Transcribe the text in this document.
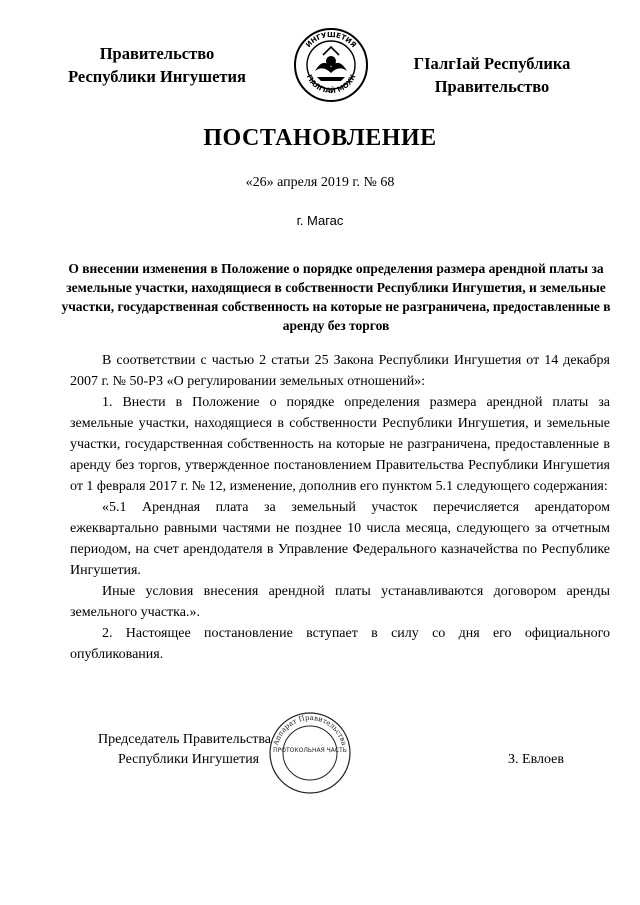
Правительство
Республики Ингушетия
ИНГУШЕТИЯ
ГIАЛГIАЙ МОХК
ГIалгIай Республика
Правительство
ПОСТАНОВЛЕНИЕ
«26» апреля 2019 г. № 68
г. Магас
О внесении изменения в Положение о порядке определения размера арендной платы за земельные участки, находящиеся в собственности Республики Ингушетия, и земельные участки, государственная собственность на которые не разграничена, предоставленные в аренду без торгов

В соответствии с частью 2 статьи 25 Закона Республики Ингушетия от 14 декабря 2007 г. № 50-РЗ «О регулировании земельных отношений»:

1. Внести в Положение о порядке определения размера арендной платы за земельные участки, находящиеся в собственности Республики Ингушетия, и земельные участки, государственная собственность на которые не разграничена, предоставленные в аренду без торгов, утвержденное постановлением Правительства Республики Ингушетия от 1 февраля 2017 г. № 12, изменение, дополнив его пунктом 5.1 следующего содержания:

«5.1 Арендная плата за земельный участок перечисляется арендатором ежеквартально равными частями не позднее 10 числа месяца, следующего за отчетным периодом, на счет арендодателя в Управление Федерального казначейства по Республике Ингушетия.

Иные условия внесения арендной платы устанавливаются договором аренды земельного участка.».

2. Настоящее постановление вступает в силу со дня его официального опубликования.

Председатель Правительства
Республики Ингушетия
Аппарат Правительства
ПРОТОКОЛЬНАЯ ЧАСТЬ
З. Евлоев
